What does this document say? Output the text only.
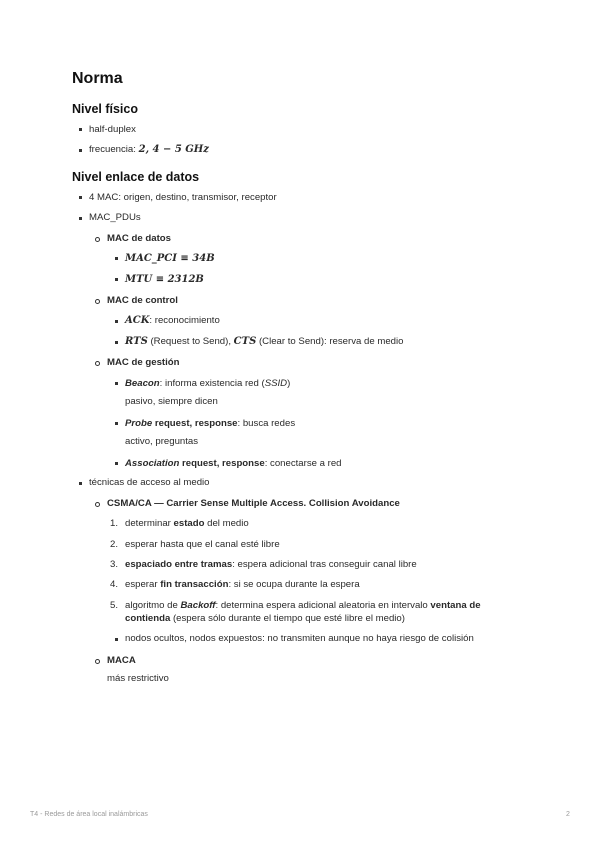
Norma
Nivel físico
half-duplex
frecuencia: 2, 4 − 5 GHz
Nivel enlace de datos
4 MAC: origen, destino, transmisor, receptor
MAC_PDUs
MAC de datos
MAC_PCI ≡ 34B
MTU ≡ 2312B
MAC de control
ACK: reconocimiento
RTS (Request to Send), CTS (Clear to Send): reserva de medio
MAC de gestión
Beacon: informa existencia red (SSID)
pasivo, siempre dicen
Probe request, response: busca redes
activo, preguntas
Association request, response: conectarse a red
técnicas de acceso al medio
CSMA/CA — Carrier Sense Multiple Access. Collision Avoidance
1. determinar estado del medio
2. esperar hasta que el canal esté libre
3. espaciado entre tramas: espera adicional tras conseguir canal libre
4. esperar fin transacción: si se ocupa durante la espera
5. algoritmo de Backoff: determina espera adicional aleatoria en intervalo ventana de
contienda (espera sólo durante el tiempo que esté libre el medio)
nodos ocultos, nodos expuestos: no transmiten aunque no haya riesgo de colisión
MACA
más restrictivo
T4 - Redes de área local inalámbricas	2
